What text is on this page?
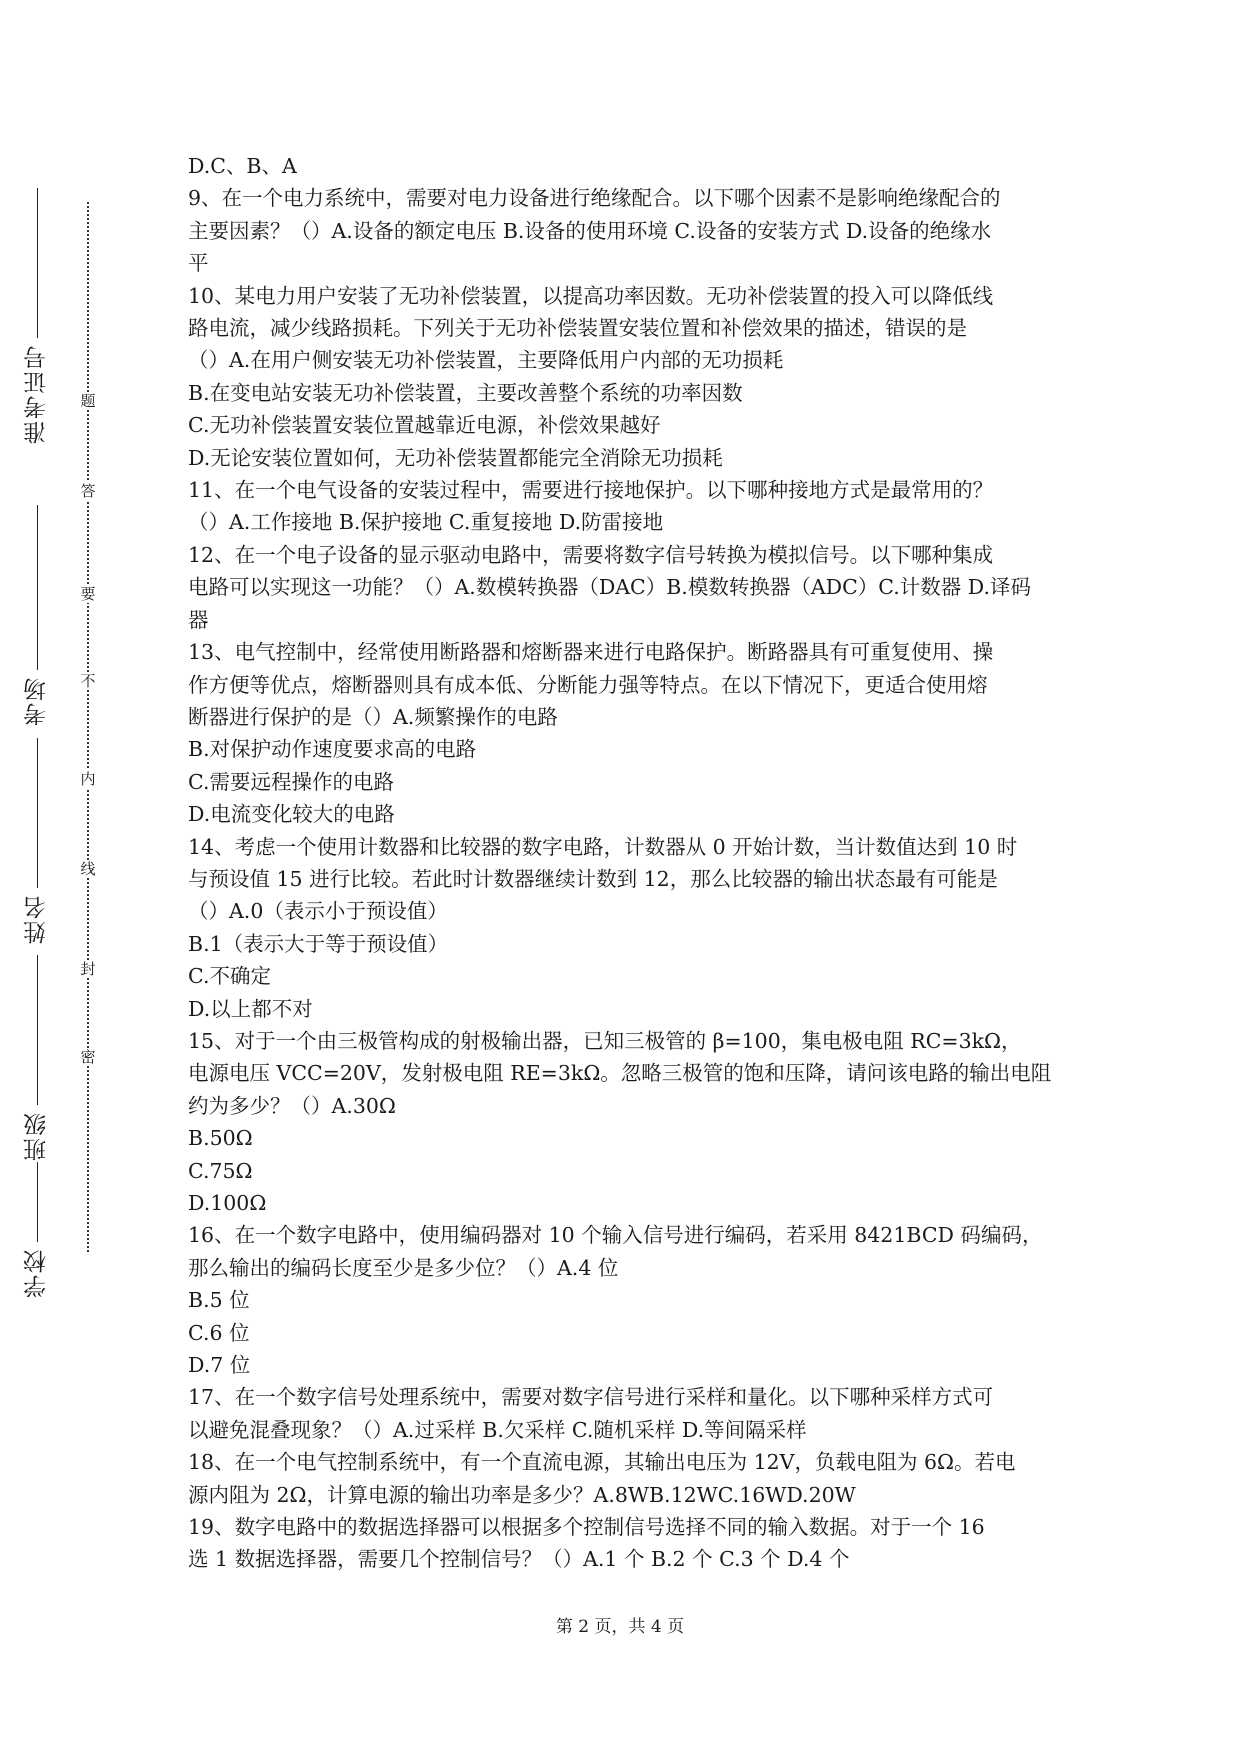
准考证号
考场
姓名
班级
学校
题
答
要
不
内
线
封
密

D.C、B、A

9、在一个电力系统中，需要对电力设备进行绝缘配合。以下哪个因素不是影响绝缘配合的

主要因素？（）A.设备的额定电压 B.设备的使用环境 C.设备的安装方式 D.设备的绝缘水

平

10、某电力用户安装了无功补偿装置，以提高功率因数。无功补偿装置的投入可以降低线

路电流，减少线路损耗。下列关于无功补偿装置安装位置和补偿效果的描述，错误的是

（）A.在用户侧安装无功补偿装置，主要降低用户内部的无功损耗

B.在变电站安装无功补偿装置，主要改善整个系统的功率因数

C.无功补偿装置安装位置越靠近电源，补偿效果越好

D.无论安装位置如何，无功补偿装置都能完全消除无功损耗

11、在一个电气设备的安装过程中，需要进行接地保护。以下哪种接地方式是最常用的？

（）A.工作接地 B.保护接地 C.重复接地 D.防雷接地

12、在一个电子设备的显示驱动电路中，需要将数字信号转换为模拟信号。以下哪种集成

电路可以实现这一功能？（）A.数模转换器（DAC）B.模数转换器（ADC）C.计数器 D.译码

器

13、电气控制中，经常使用断路器和熔断器来进行电路保护。断路器具有可重复使用、操

作方便等优点，熔断器则具有成本低、分断能力强等特点。在以下情况下，更适合使用熔

断器进行保护的是（）A.频繁操作的电路

B.对保护动作速度要求高的电路

C.需要远程操作的电路

D.电流变化较大的电路

14、考虑一个使用计数器和比较器的数字电路，计数器从 0 开始计数，当计数值达到 10 时

与预设值 15 进行比较。若此时计数器继续计数到 12，那么比较器的输出状态最有可能是

（）A.0（表示小于预设值）

B.1（表示大于等于预设值）

C.不确定

D.以上都不对

15、对于一个由三极管构成的射极输出器，已知三极管的 β=100，集电极电阻 RC=3kΩ，

电源电压 VCC=20V，发射极电阻 RE=3kΩ。忽略三极管的饱和压降，请问该电路的输出电阻

约为多少？（）A.30Ω

B.50Ω

C.75Ω

D.100Ω

16、在一个数字电路中，使用编码器对 10 个输入信号进行编码，若采用 8421BCD 码编码，

那么输出的编码长度至少是多少位？（）A.4 位

B.5 位

C.6 位

D.7 位

17、在一个数字信号处理系统中，需要对数字信号进行采样和量化。以下哪种采样方式可

以避免混叠现象？（）A.过采样 B.欠采样 C.随机采样 D.等间隔采样

18、在一个电气控制系统中，有一个直流电源，其输出电压为 12V，负载电阻为 6Ω。若电

源内阻为 2Ω，计算电源的输出功率是多少？A.8WB.12WC.16WD.20W

19、数字电路中的数据选择器可以根据多个控制信号选择不同的输入数据。对于一个 16

选 1 数据选择器，需要几个控制信号？（）A.1 个 B.2 个 C.3 个 D.4 个

第 2 页，共 4 页
